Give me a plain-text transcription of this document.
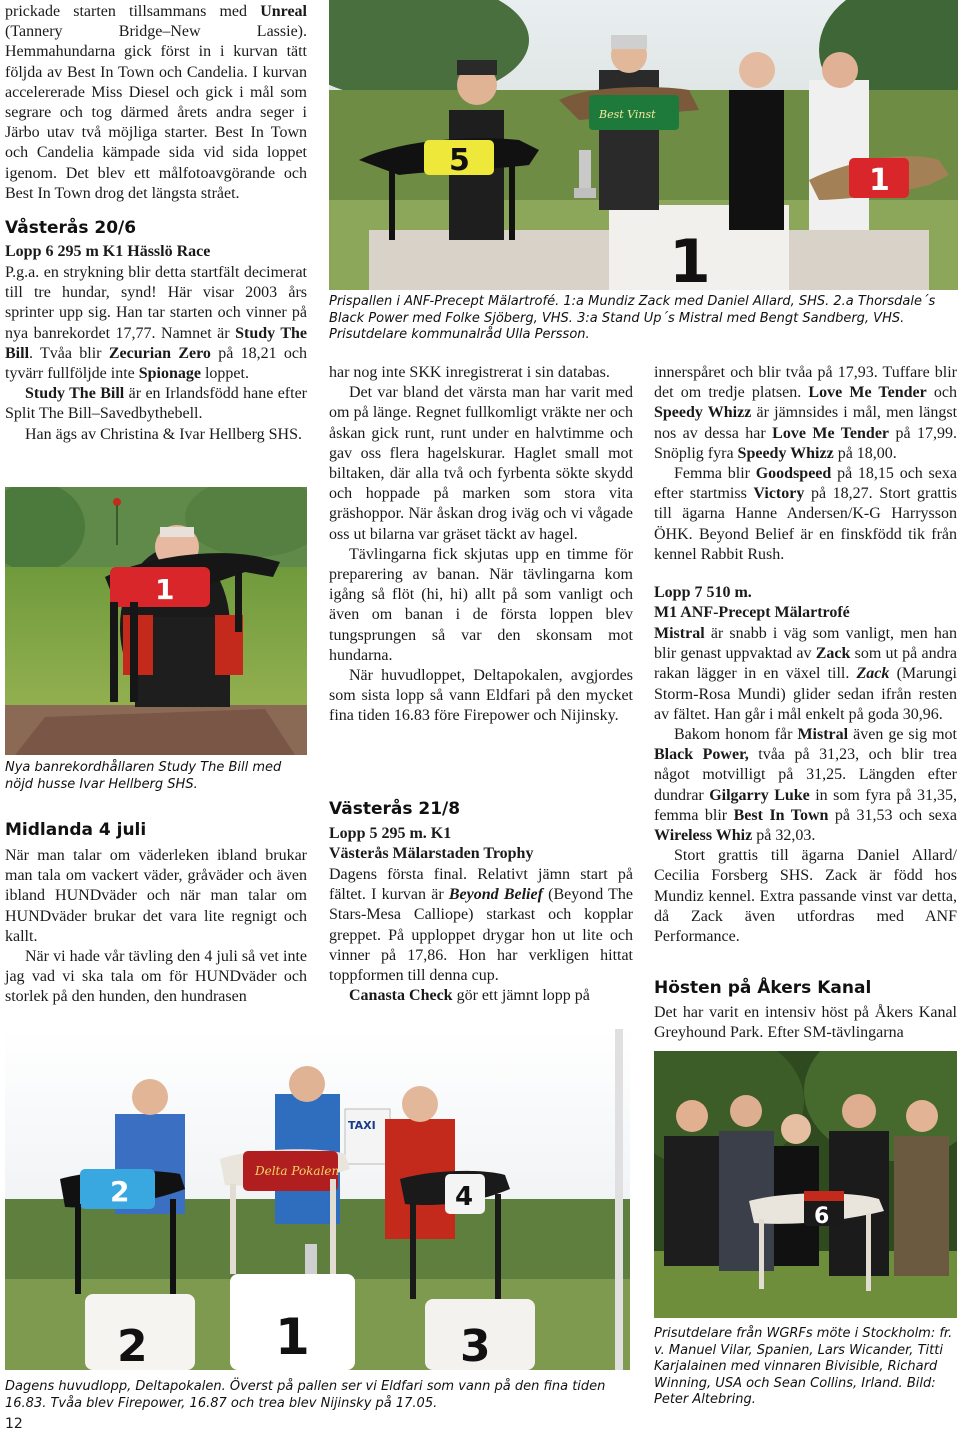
prickade starten tillsammans med Unreal (Tannery Bridge–New Lassie). Hemmahundarna gick först in i kurvan tätt följda av Best In Town och Candelia. I kurvan accelererade Miss Diesel och gick i mål som segrare och tog därmed årets andra seger i Järbo utav två möjliga starter. Best In Town och Candelia kämpade sida vid sida loppet igenom. Det blev ett målfotoavgörande och Best In Town drog det längsta strået.

Våsterås 20/6
Lopp 6 295 m K1 Hässlö Race

P.g.a. en strykning blir detta startfält decimerat till tre hundar, synd! Här visar 2003 års sprinter upp sig. Han tar starten och vinner på nya banrekordet 17,77. Namnet är Study The Bill. Tvåa blir Zecurian Zero på 18,21 och tyvärr fullföljde inte Spionage loppet.

Study The Bill är en Irlandsfödd hane efter Split The Bill–Savedbythebell.

Han ägs av Christina & Ivar Hellberg SHS.

1
Nya banrekordhållaren Study The Bill med nöjd husse Ivar Hellberg SHS.
Midlanda 4 juli

När man talar om väderleken ibland brukar man tala om vackert väder, gråväder och även ibland HUNDväder och när man talar om HUNDväder brukar det vara lite regnigt och kallt.

När vi hade vår tävling den 4 juli så vet inte jag vad vi ska tala om för HUNDväder och storlek på den hunden, den hundrasen

1
5
Best Vinst
1
Prispallen i ANF-Precept Mälartrofé. 1:a Mundiz Zack med Daniel Allard, SHS. 2.a Thorsdale´s Black Power med Folke Sjöberg, VHS. 3:a Stand Up´s Mistral med Bengt Sandberg, VHS. Prisutdelare kommunalråd Ulla Persson.

har nog inte SKK inregistrerat i sin databas.

Det var bland det värsta man har varit med om på länge. Regnet fullkomligt vräkte ner och åskan gick runt, runt under en halvtimme och gav oss flera hagelskurar. Haglet small mot biltaken, där alla två och fyrbenta sökte skydd och hoppade på marken som stora vita gräshoppor. När åskan drog iväg och vi vågade oss ut bilarna var gräset täckt av hagel.

Tävlingarna fick skjutas upp en timme för preparering av banan. När tävlingarna kom igång så flöt (hi, hi) allt på som vanligt och även om banan i de första loppen blev tungsprungen så var den skonsam mot hundarna.

När huvudloppet, Deltapokalen, avgjordes som sista lopp så vann Eldfari på den mycket fina tiden 16.83 före Firepower och Nijinsky.

Västerås 21/8
Lopp 5 295 m. K1
Västerås Mälarstaden Trophy

Dagens första final. Relativt jämn start på fältet. I kurvan är Beyond Belief (Beyond The Stars-Mesa Calliope) starkast och kopplar greppet. På upploppet drygar hon ut lite och vinner på 17,86. Hon har verkligen hittat toppformen till denna cup.

Canasta Check gör ett jämnt lopp på

innerspåret och blir tvåa på 17,93. Tuffare blir det om tredje platsen. Love Me Tender och Speedy Whizz är jämnsides i mål, men längst nos av dessa har Love Me Tender på 17,99. Snöplig fyra Speedy Whizz på 18,00.

Femma blir Goodspeed på 18,15 och sexa efter startmiss Victory på 18,27. Stort grattis till ägarna Hanne Andersen/K-G Harrysson ÖHK. Beyond Belief är en finskfödd tik från kennel Rabbit Rush.

Lopp 7 510 m.
M1 ANF-Precept Mälartrofé

Mistral är snabb i väg som vanligt, men han blir genast uppvaktad av Zack som ut på andra rakan lägger in en växel till. Zack (Marungi Storm-Rosa Mundi) glider sedan ifrån resten av fältet. Han går i mål enkelt på goda 30,96.

Bakom honom får Mistral även ge sig mot Black Power, tvåa på 31,23, och blir trea något motvilligt på 31,25. Längden efter dundrar Gilgarry Luke in som fyra på 31,35, femma blir Best In Town på 31,53 och sexa Wireless Whiz på 32,03.

Stort grattis till ägarna Daniel Allard/ Cecilia Forsberg SHS. Zack är född hos Mundiz kennel. Extra passande vinst var detta, då Zack även utfordras med ANF Performance.

Hösten på Åkers Kanal

Det har varit en intensiv höst på Åkers Kanal Greyhound Park. Efter SM-tävlingarna

TAXI
2	1	3
2
Delta Pokalen
4
Dagens huvudlopp, Deltapokalen. Överst på pallen ser vi Eldfari som vann på den fina tiden 16.83. Tvåa blev Firepower, 16.87 och trea blev Nijinsky på 17.05.
12
6
Prisutdelare från WGRFs möte i Stockholm: fr. v. Manuel Vilar, Spanien, Lars Wicander, Titti Karjalainen med vinnaren Bivisible, Richard Winning, USA och Sean Collins, Irland. Bild: Peter Altebring.
